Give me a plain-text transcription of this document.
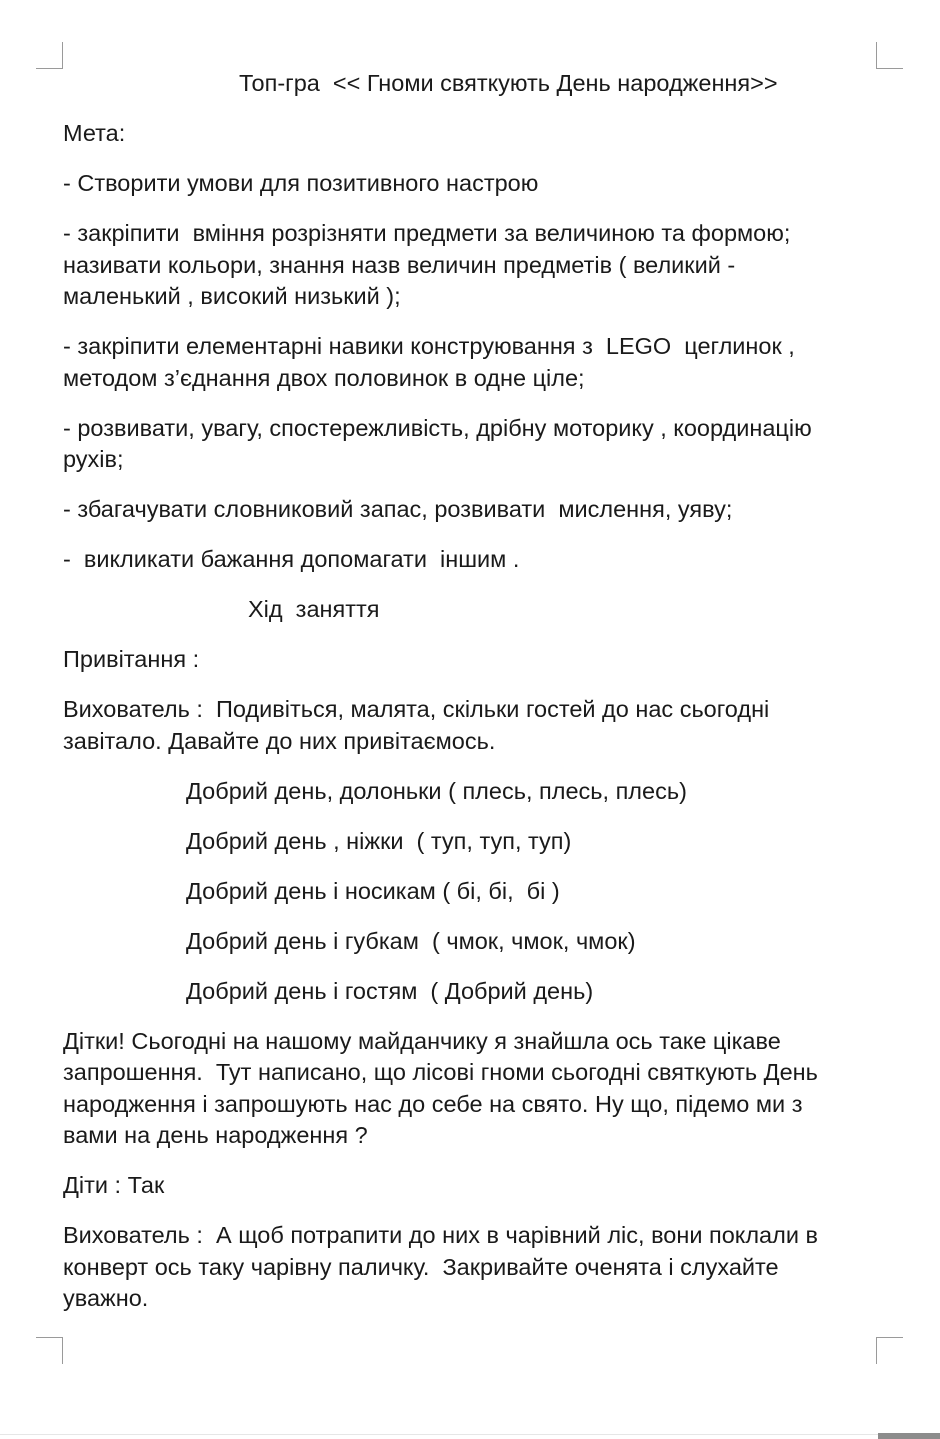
Топ-гра  << Гноми святкують День народження>>

Мета:

- Створити умови для позитивного настрою

- закріпити  вміння розрізняти предмети за величиною та формою;
називати кольори, знання назв величин предметів ( великий -
маленький , високий низький );

- закріпити елементарні навики конструювання з  LEGO  цеглинок ,
методом з’єднання двох половинок в одне ціле;

- розвивати, увагу, спостережливість, дрібну моторику , координацію
рухів;

- збагачувати словниковий запас, розвивати  мислення, уяву;

-  викликати бажання допомагати  іншим .

Хід  заняття

Привітання :

Вихователь :  Подивіться, малята, скільки гостей до нас сьогодні
завітало. Давайте до них привітаємось.

Добрий день, долоньки ( плесь, плесь, плесь)

Добрий день , ніжки  ( туп, туп, туп)

Добрий день і носикам ( бі, бі,  бі )

Добрий день і губкам  ( чмок, чмок, чмок)

Добрий день і гостям  ( Добрий день)

Дітки! Сьогодні на нашому майданчику я знайшла ось таке цікаве
запрошення.  Тут написано, що лісові гноми сьогодні святкують День
народження і запрошують нас до себе на свято. Ну що, підемо ми з
вами на день народження ?

Діти : Так

Вихователь :  А щоб потрапити до них в чарівний ліс, вони поклали в
конверт ось таку чарівну паличку.  Закривайте оченята і слухайте
уважно.
